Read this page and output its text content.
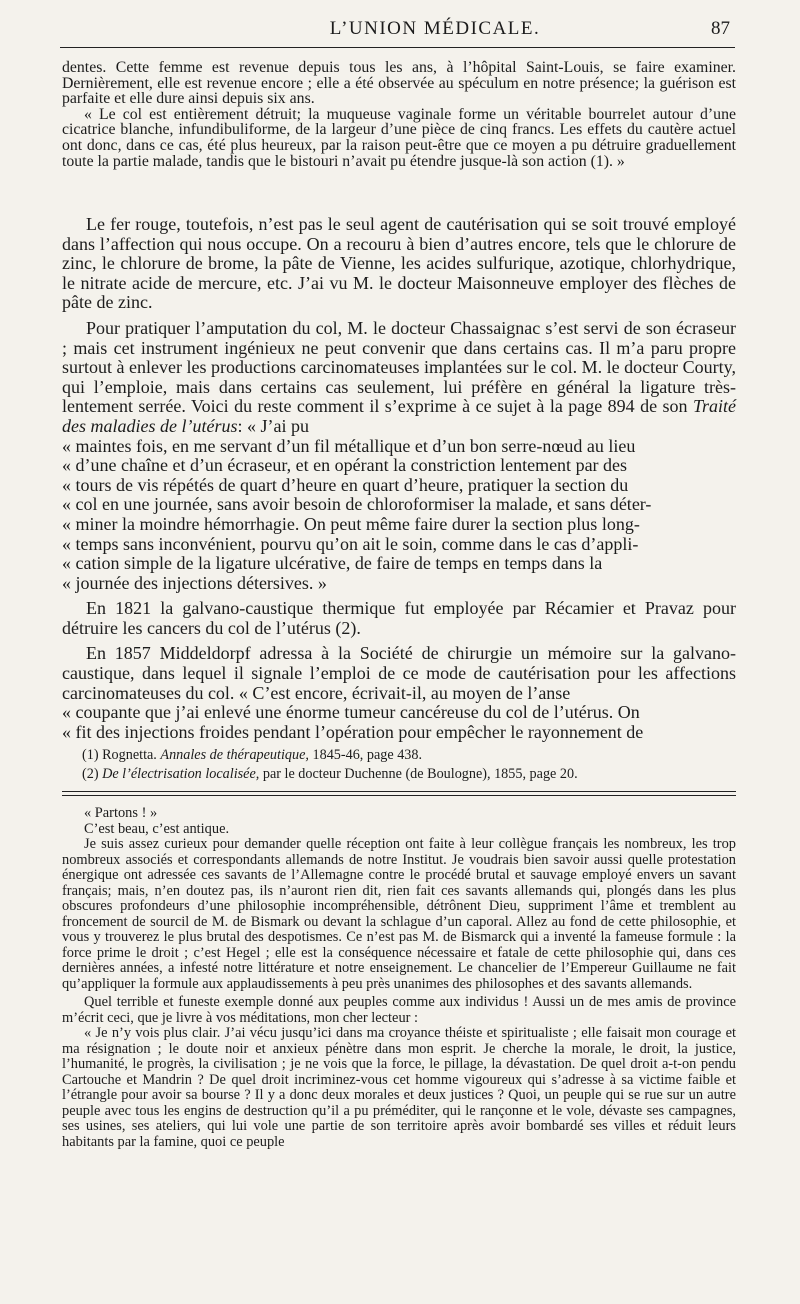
L’UNION MÉDICALE.	87

dentes. Cette femme est revenue depuis tous les ans, à l’hôpital Saint-Louis, se faire examiner. Dernièrement, elle est revenue encore ; elle a été observée au spéculum en notre présence; la guérison est parfaite et elle dure ainsi depuis six ans.

« Le col est entièrement détruit; la muqueuse vaginale forme un véritable bourrelet autour d’une cicatrice blanche, infundibuliforme, de la largeur d’une pièce de cinq francs. Les effets du cautère actuel ont donc, dans ce cas, été plus heureux, par la raison peut-être que ce moyen a pu détruire graduellement toute la partie malade, tandis que le bistouri n’avait pu étendre jusque-là son action (1). »

Le fer rouge, toutefois, n’est pas le seul agent de cautérisation qui se soit trouvé employé dans l’affection qui nous occupe. On a recouru à bien d’autres encore, tels que le chlorure de zinc, le chlorure de brome, la pâte de Vienne, les acides sulfurique, azotique, chlorhydrique, le nitrate acide de mercure, etc. J’ai vu M. le docteur Maisonneuve employer des flèches de pâte de zinc.

Pour pratiquer l’amputation du col, M. le docteur Chassaignac s’est servi de son écraseur ; mais cet instrument ingénieux ne peut convenir que dans certains cas. Il m’a paru propre surtout à enlever les productions carcinomateuses implantées sur le col. M. le docteur Courty, qui l’emploie, mais dans certains cas seulement, lui préfère en général la ligature très-lentement serrée. Voici du reste comment il s’exprime à ce sujet à la page 894 de son Traité des maladies de l’utérus: « J’ai pu

« maintes fois, en me servant d’un fil métallique et d’un bon serre-nœud au lieu

« d’une chaîne et d’un écraseur, et en opérant la constriction lentement par des

« tours de vis répétés de quart d’heure en quart d’heure, pratiquer la section du

« col en une journée, sans avoir besoin de chloroformiser la malade, et sans déter-

« miner la moindre hémorrhagie. On peut même faire durer la section plus long-

« temps sans inconvénient, pourvu qu’on ait le soin, comme dans le cas d’appli-

« cation simple de la ligature ulcérative, de faire de temps en temps dans la

« journée des injections détersives. »

En 1821 la galvano-caustique thermique fut employée par Récamier et Pravaz pour détruire les cancers du col de l’utérus (2).

En 1857 Middeldorpf adressa à la Société de chirurgie un mémoire sur la galvano-caustique, dans lequel il signale l’emploi de ce mode de cautérisation pour les affections carcinomateuses du col. « C’est encore, écrivait-il, au moyen de l’anse

« coupante que j’ai enlevé une énorme tumeur cancéreuse du col de l’utérus. On

« fit des injections froides pendant l’opération pour empêcher le rayonnement de

(1) Rognetta. Annales de thérapeutique, 1845-46, page 438.

(2) De l’électrisation localisée, par le docteur Duchenne (de Boulogne), 1855, page 20.

« Partons ! »

C’est beau, c’est antique.

Je suis assez curieux pour demander quelle réception ont faite à leur collègue français les nombreux, les trop nombreux associés et correspondants allemands de notre Institut. Je voudrais bien savoir aussi quelle protestation énergique ont adressée ces savants de l’Allemagne contre le procédé brutal et sauvage employé envers un savant français; mais, n’en doutez pas, ils n’auront rien dit, rien fait ces savants allemands qui, plongés dans les plus obscures profondeurs d’une philosophie incompréhensible, détrônent Dieu, suppriment l’âme et tremblent au froncement de sourcil de M. de Bismark ou devant la schlague d’un caporal. Allez au fond de cette philosophie, et vous y trouverez le plus brutal des despotismes. Ce n’est pas M. de Bismarck qui a inventé la fameuse formule : la force prime le droit ; c’est Hegel ; elle est la conséquence nécessaire et fatale de cette philosophie qui, dans ces dernières années, a infesté notre littérature et notre enseignement. Le chancelier de l’Empereur Guillaume ne fait qu’appliquer la formule aux applaudissements à peu près unanimes des philosophes et des savants allemands.

Quel terrible et funeste exemple donné aux peuples comme aux individus ! Aussi un de mes amis de province m’écrit ceci, que je livre à vos méditations, mon cher lecteur :

« Je n’y vois plus clair. J’ai vécu jusqu’ici dans ma croyance théiste et spiritualiste ; elle faisait mon courage et ma résignation ; le doute noir et anxieux pénètre dans mon esprit. Je cherche la morale, le droit, la justice, l’humanité, le progrès, la civilisation ; je ne vois que la force, le pillage, la dévastation. De quel droit a-t-on pendu Cartouche et Mandrin ? De quel droit incriminez-vous cet homme vigoureux qui s’adresse à sa victime faible et l’étrangle pour avoir sa bourse ? Il y a donc deux morales et deux justices ? Quoi, un peuple qui se rue sur un autre peuple avec tous les engins de destruction qu’il a pu préméditer, qui le rançonne et le vole, dévaste ses campagnes, ses usines, ses ateliers, qui lui vole une partie de son territoire après avoir bombardé ses villes et réduit leurs habitants par la famine, quoi ce peuple
